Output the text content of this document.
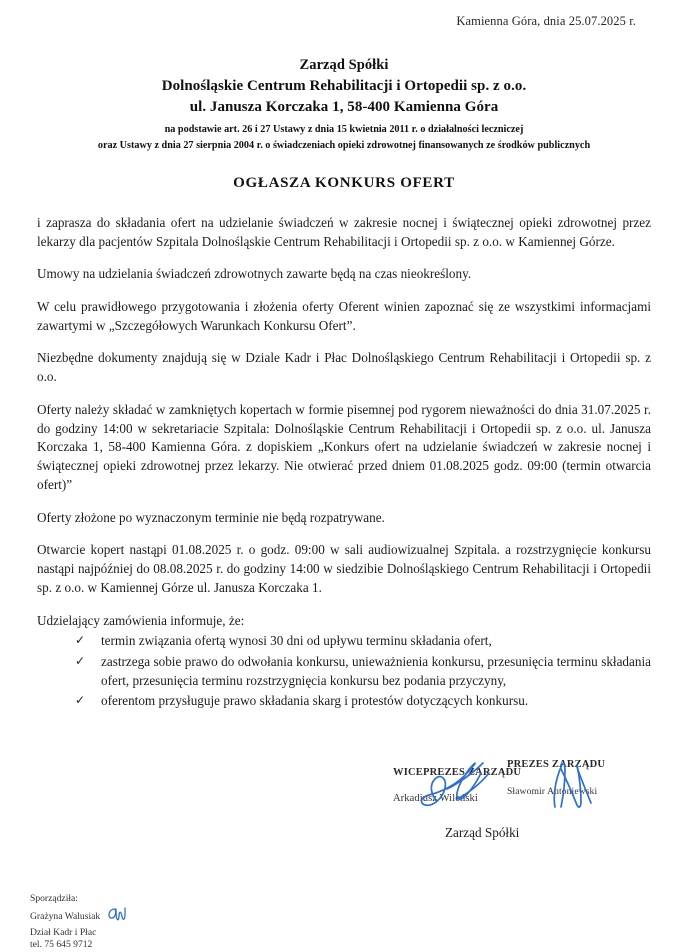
Kamienna Góra, dnia 25.07.2025 r.
Zarząd Spółki
Dolnośląskie Centrum Rehabilitacji i Ortopedii sp. z o.o.
ul. Janusza Korczaka 1, 58-400 Kamienna Góra
na podstawie art. 26 i 27 Ustawy z dnia 15 kwietnia 2011 r. o działalności leczniczej
oraz Ustawy z dnia 27 sierpnia 2004 r. o świadczeniach opieki zdrowotnej finansowanych ze środków publicznych
OGŁASZA KONKURS OFERT

i zaprasza do składania ofert na udzielanie świadczeń w zakresie nocnej i świątecznej opieki zdrowotnej przez lekarzy dla pacjentów Szpitala Dolnośląskie Centrum Rehabilitacji i Ortopedii sp. z o.o. w Kamiennej Górze.

Umowy na udzielania świadczeń zdrowotnych zawarte będą na czas nieokreślony.

W celu prawidłowego przygotowania i złożenia oferty Oferent winien zapoznać się ze wszystkimi informacjami zawartymi w „Szczegółowych Warunkach Konkursu Ofert”.

Niezbędne dokumenty znajdują się w Dziale Kadr i Płac Dolnośląskiego Centrum Rehabilitacji i Ortopedii sp. z o.o.

Oferty należy składać w zamkniętych kopertach w formie pisemnej pod rygorem nieważności do dnia 31.07.2025 r. do godziny 14:00 w sekretariacie Szpitala: Dolnośląskie Centrum Rehabilitacji i Ortopedii sp. z o.o. ul. Janusza Korczaka 1, 58-400 Kamienna Góra. z dopiskiem „Konkurs ofert na udzielanie świadczeń w zakresie nocnej i świątecznej opieki zdrowotnej przez lekarzy. Nie otwierać przed dniem 01.08.2025 godz. 09:00 (termin otwarcia ofert)”

Oferty złożone po wyznaczonym terminie nie będą rozpatrywane.

Otwarcie kopert nastąpi 01.08.2025 r. o godz. 09:00 w sali audiowizualnej Szpitala. a rozstrzygnięcie konkursu nastąpi najpóźniej do 08.08.2025 r. do godziny 14:00 w siedzibie Dolnośląskiego Centrum Rehabilitacji i Ortopedii sp. z o.o. w Kamiennej Górze ul. Janusza Korczaka 1.

Udzielający zamówienia informuje, że:
✓ termin związania ofertą wynosi 30 dni od upływu terminu składania ofert,
✓ zastrzega sobie prawo do odwołania konkursu, unieważnienia konkursu, przesunięcia terminu składania ofert, przesunięcia terminu rozstrzygnięcia konkursu bez podania przyczyny,
✓ oferentom przysługuje prawo składania skarg i protestów dotyczących konkursu.
WICEPREZES ZARZĄDU
Arkadiusz Wileński
PREZES ZARZĄDU
Sławomir Antoniewski
Zarząd Spółki
Sporządziła:
Grażyna Walusiak
Dział Kadr i Płac
tel. 75 645 9712
